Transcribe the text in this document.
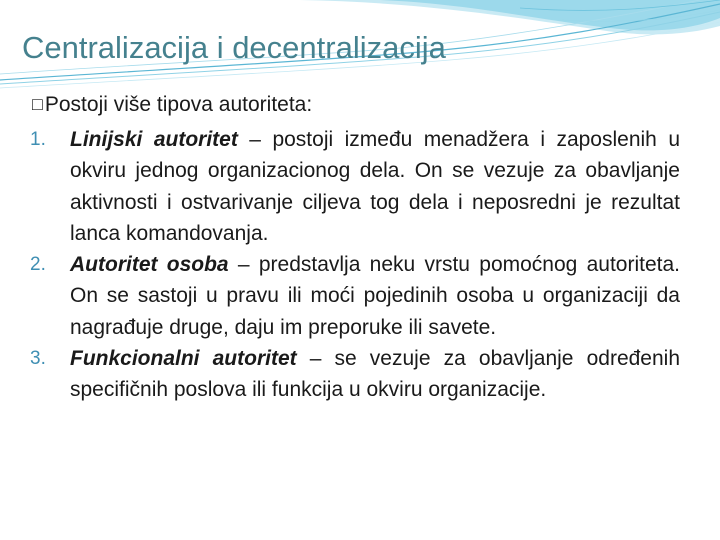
Centralizacija i decentralizacija
□Postoji više tipova autoriteta:
1. Linijski autoritet – postoji između menadžera i zaposlenih u okviru jednog organizacionog dela. On se vezuje za obavljanje aktivnosti i ostvarivanje ciljeva tog dela i neposredni je rezultat lanca komandovanja.
2. Autoritet osoba – predstavlja neku vrstu pomoćnog autoriteta. On se sastoji u pravu ili moći pojedinih osoba u organizaciji da nagrađuje druge, daju im preporuke ili savete.
3. Funkcionalni autoritet – se vezuje za obavljanje određenih specifičnih poslova ili funkcija u okviru organizacije.
